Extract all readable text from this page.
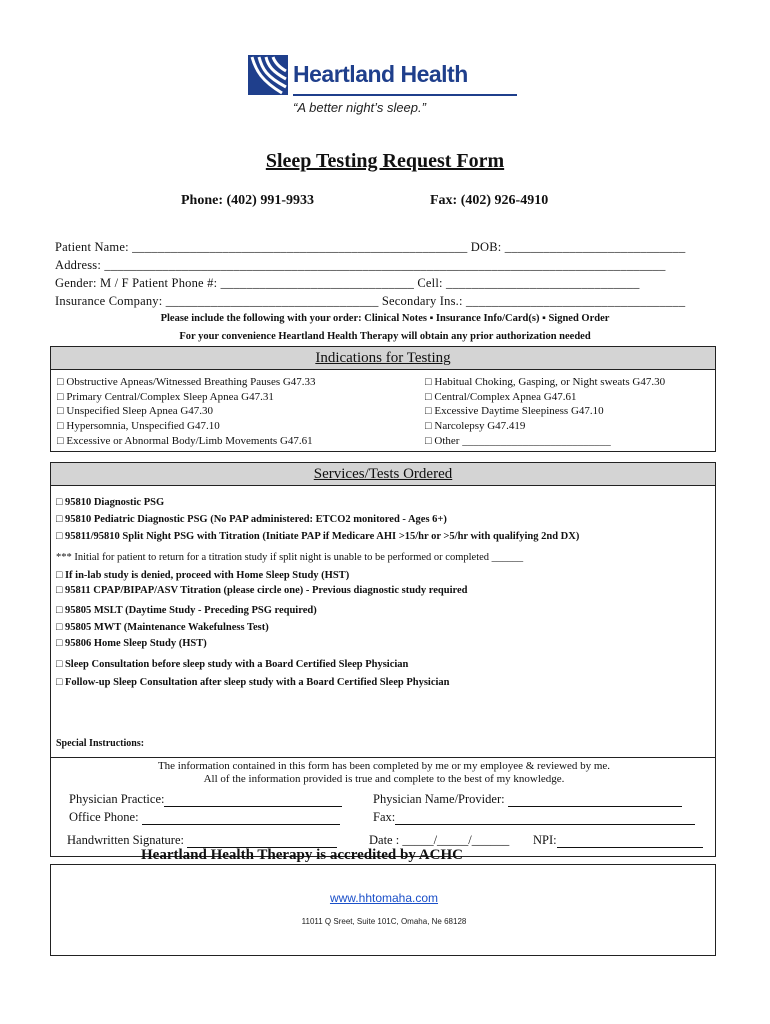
Heartland Health
“A better night’s sleep.”
Sleep Testing Request Form
Phone: (402) 991-9933	Fax: (402) 926-4910
Patient Name: ____________________________________________________ DOB: ____________________________
Address: _______________________________________________________________________________________
Gender: M / F Patient Phone #: ______________________________ Cell: ______________________________
Insurance Company: _________________________________ Secondary Ins.: __________________________________
Please include the following with your order: Clinical Notes ▪ Insurance Info/Card(s) ▪ Signed Order
For your convenience Heartland Health Therapy will obtain any prior authorization needed
Indications for Testing
□ Obstructive Apneas/Witnessed Breathing Pauses G47.33
□ Primary Central/Complex Sleep Apnea G47.31
□ Unspecified Sleep Apnea G47.30
□ Hypersomnia, Unspecified G47.10
□ Excessive or Abnormal Body/Limb Movements G47.61
□ Habitual Choking, Gasping, or Night sweats G47.30
□ Central/Complex Apnea G47.61
□ Excessive Daytime Sleepiness G47.10
□ Narcolepsy G47.419
□ Other ___________________________
Services/Tests Ordered
□ 95810 Diagnostic PSG
□ 95810 Pediatric Diagnostic PSG (No PAP administered: ETCO2 monitored - Ages 6+)
□ 95811/95810 Split Night PSG with Titration (Initiate PAP if Medicare AHI >15/hr or >5/hr with qualifying 2nd DX)
*** Initial for patient to return for a titration study if split night is unable to be performed or completed ______
□ If in-lab study is denied, proceed with Home Sleep Study (HST)
□ 95811 CPAP/BIPAP/ASV Titration (please circle one) - Previous diagnostic study required
□ 95805 MSLT (Daytime Study - Preceding PSG required)
□ 95805 MWT (Maintenance Wakefulness Test)
□ 95806 Home Sleep Study (HST)
□ Sleep Consultation before sleep study with a Board Certified Sleep Physician
□ Follow-up Sleep Consultation after sleep study with a Board Certified Sleep Physician
Special Instructions:
The information contained in this form has been completed by me or my employee & reviewed by me.
All of the information provided is true and complete to the best of my knowledge.
Physician Practice:	Physician Name/Provider:
Office Phone:	Fax:
Handwritten Signature:	Date : _____/_____/______ NPI:
Heartland Health Therapy is accredited by ACHC
www.hhtomaha.com
11011 Q Sreet, Suite 101C, Omaha, Ne 68128
